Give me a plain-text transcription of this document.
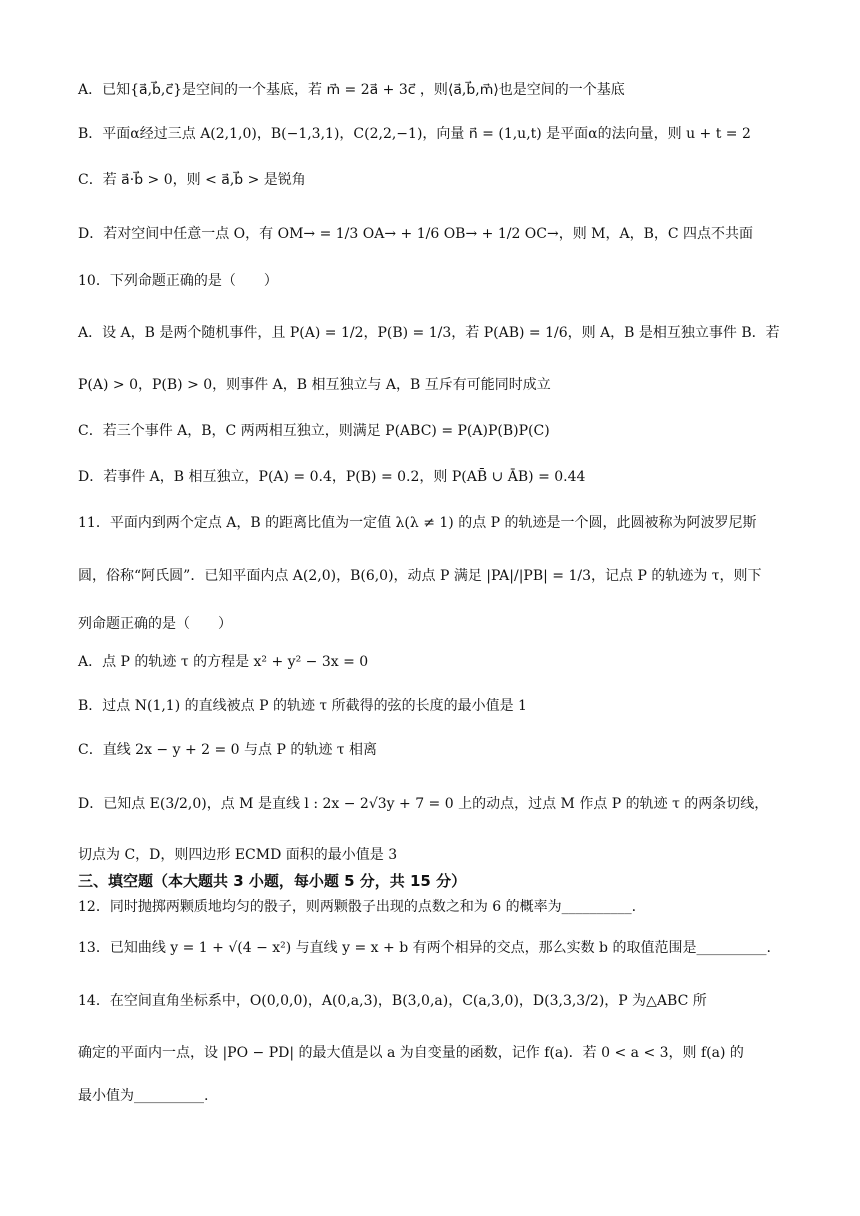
A．已知{a⃗,b⃗,c⃗}是空间的一个基底，若 m⃗ = 2a⃗ + 3c⃗ ，则⟨a⃗,b⃗,m⃗⟩也是空间的一个基底
B．平面α经过三点 A(2,1,0)，B(−1,3,1)，C(2,2,−1)，向量 n⃗ = (1,u,t) 是平面α的法向量，则 u + t = 2
C．若 a⃗·b⃗ > 0，则 < a⃗,b⃗ > 是锐角
D．若对空间中任意一点 O，有 OM→ = 1/3 OA→ + 1/6 OB→ + 1/2 OC→，则 M，A，B，C 四点不共面
10．下列命题正确的是（　　）
A．设 A，B 是两个随机事件，且 P(A) = 1/2，P(B) = 1/3，若 P(AB) = 1/6，则 A，B 是相互独立事件 B．若
P(A) > 0，P(B) > 0，则事件 A，B 相互独立与 A，B 互斥有可能同时成立
C．若三个事件 A，B，C 两两相互独立，则满足 P(ABC) = P(A)P(B)P(C)
D．若事件 A，B 相互独立，P(A) = 0.4，P(B) = 0.2，则 P(AB̄ ∪ ĀB) = 0.44
11．平面内到两个定点 A，B 的距离比值为一定值 λ(λ ≠ 1) 的点 P 的轨迹是一个圆，此圆被称为阿波罗尼斯
圆，俗称“阿氏圆”．已知平面内点 A(2,0)，B(6,0)，动点 P 满足 |PA|/|PB| = 1/3，记点 P 的轨迹为 τ，则下
列命题正确的是（　　）
A．点 P 的轨迹 τ 的方程是 x² + y² − 3x = 0
B．过点 N(1,1) 的直线被点 P 的轨迹 τ 所截得的弦的长度的最小值是 1
C．直线 2x − y + 2 = 0 与点 P 的轨迹 τ 相离
D．已知点 E(3/2,0)，点 M 是直线 l : 2x − 2√3y + 7 = 0 上的动点，过点 M 作点 P 的轨迹 τ 的两条切线，
切点为 C，D，则四边形 ECMD 面积的最小值是 3
三、填空题（本大题共 3 小题，每小题 5 分，共 15 分）
12．同时抛掷两颗质地均匀的骰子，则两颗骰子出现的点数之和为 6 的概率为__________.
13．已知曲线 y = 1 + √(4 − x²) 与直线 y = x + b 有两个相异的交点，那么实数 b 的取值范围是__________.
14．在空间直角坐标系中，O(0,0,0)，A(0,a,3)，B(3,0,a)，C(a,3,0)，D(3,3,3/2)，P 为△ABC 所
确定的平面内一点，设 |PO − PD| 的最大值是以 a 为自变量的函数，记作 f(a)．若 0 < a < 3，则 f(a) 的
最小值为__________.
